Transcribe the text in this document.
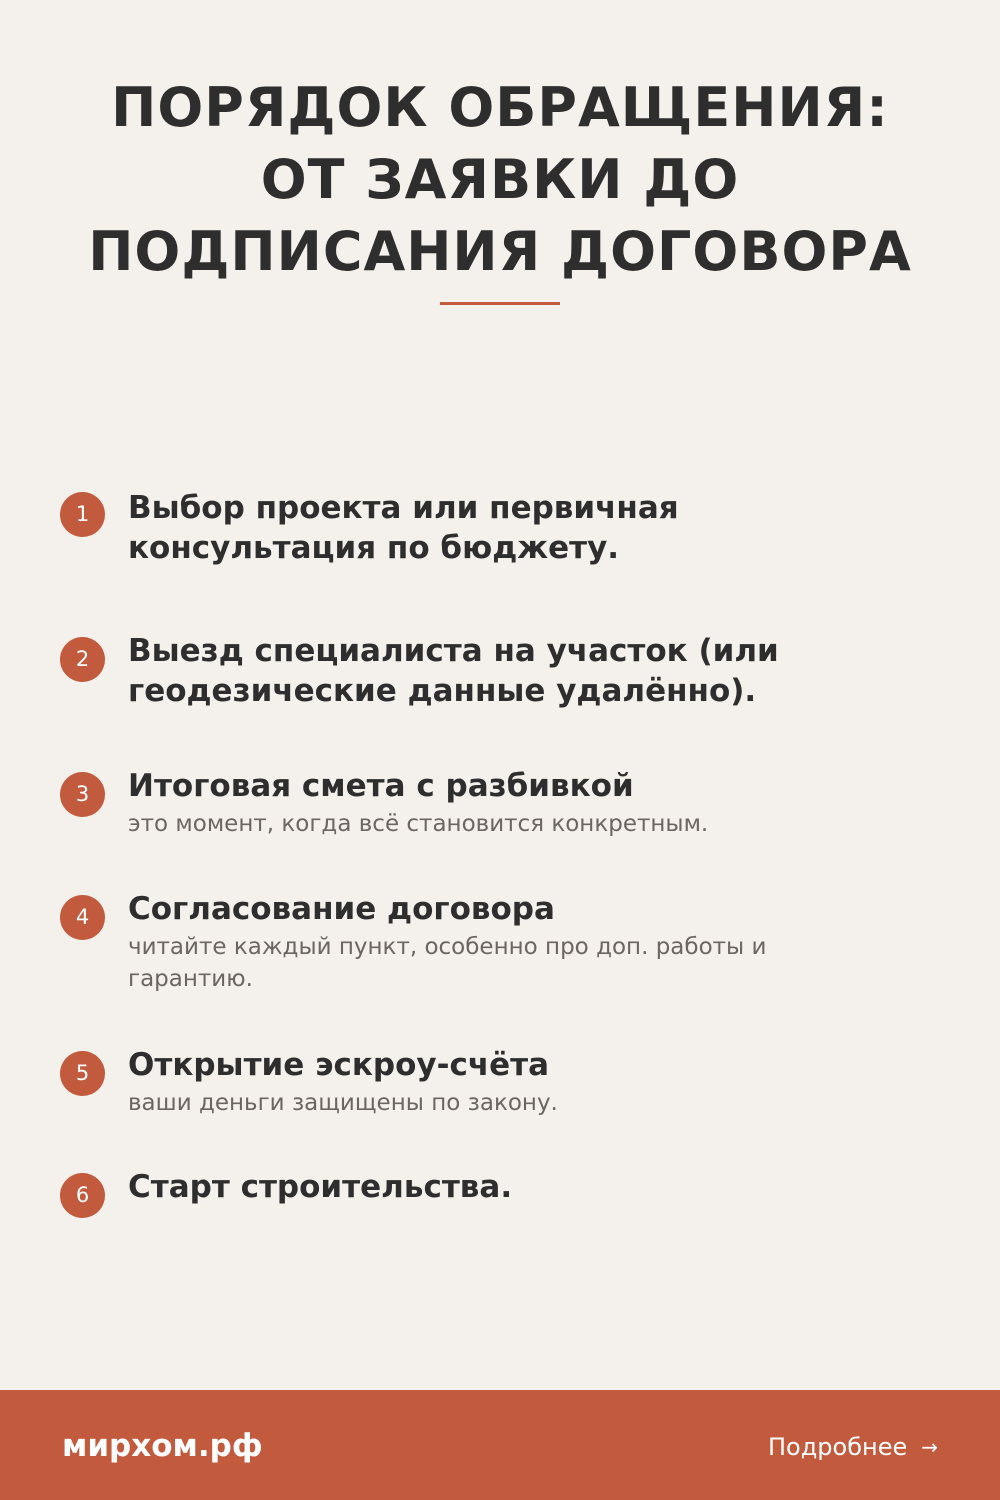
ПОРЯДОК ОБРАЩЕНИЯ:
ОТ ЗАЯВКИ ДО
ПОДПИСАНИЯ ДОГОВОРА
1	Выбор проекта или первичная
консультация по бюджету.
2	Выезд специалиста на участок (или
геодезические данные удалённо).
3	Итоговая смета с разбивкой
это момент, когда всё становится конкретным.
4	Согласование договора
читайте каждый пункт, особенно про доп. работы и
гарантию.
5	Открытие эскроу-счёта
ваши деньги защищены по закону.
6	Старт строительства.
мирхом.рф	Подробнее →
